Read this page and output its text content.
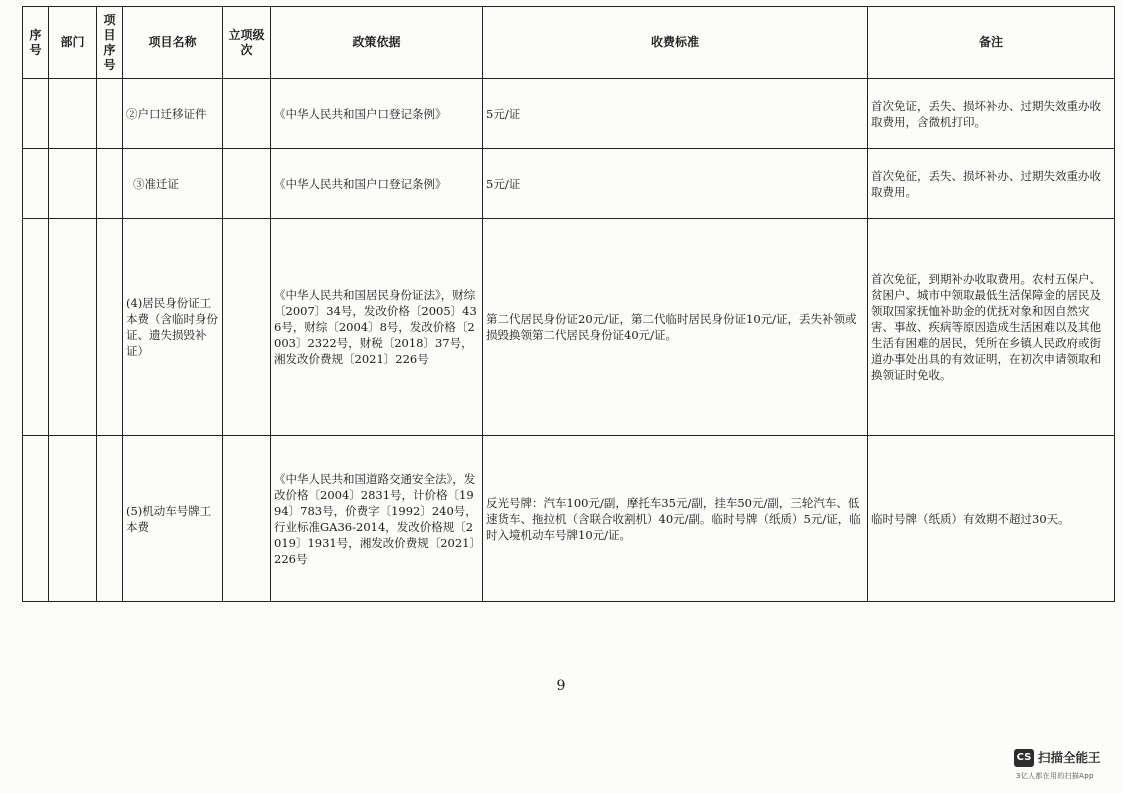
序号	部门	项目序号	项目名称	立项级次	政策依据	收费标准	备注
			②户口迁移证件		《中华人民共和国户口登记条例》	5元/证	首次免证，丢失、损坏补办、过期失效重办收取费用，含微机打印。
			③准迁证		《中华人民共和国户口登记条例》	5元/证	首次免征，丢失、损坏补办、过期失效重办收取费用。
			(4)居民身份证工本费（含临时身份证、遗失损毁补证）		《中华人民共和国居民身份证法》，财综〔2007〕34号，发改价格〔2005〕436号，财综〔2004〕8号，发改价格〔2003〕2322号，财税〔2018〕37号，湘发改价费规〔2021〕226号	第二代居民身份证20元/证，第二代临时居民身份证10元/证，丢失补领或损毁换领第二代居民身份证40元/证。	首次免征，到期补办收取费用。农村五保户、贫困户、城市中领取最低生活保障金的居民及领取国家抚恤补助金的优抚对象和因自然灾害、事故、疾病等原因造成生活困难以及其他生活有困难的居民，凭所在乡镇人民政府或街道办事处出具的有效证明，在初次申请领取和换领证时免收。
			(5)机动车号牌工本费		《中华人民共和国道路交通安全法》，发改价格〔2004〕2831号，计价格〔1994〕783号，价费字〔1992〕240号，行业标准GA36-2014，发改价格规〔2019〕1931号，湘发改价费规〔2021〕226号	反光号牌：汽车100元/副，摩托车35元/副，挂车50元/副，三轮汽车、低速货车、拖拉机（含联合收割机）40元/副。临时号牌（纸质）5元/证，临时入境机动车号牌10元/证。	临时号牌（纸质）有效期不超过30天。
9
CS 扫描全能王
3亿人都在用的扫描App
